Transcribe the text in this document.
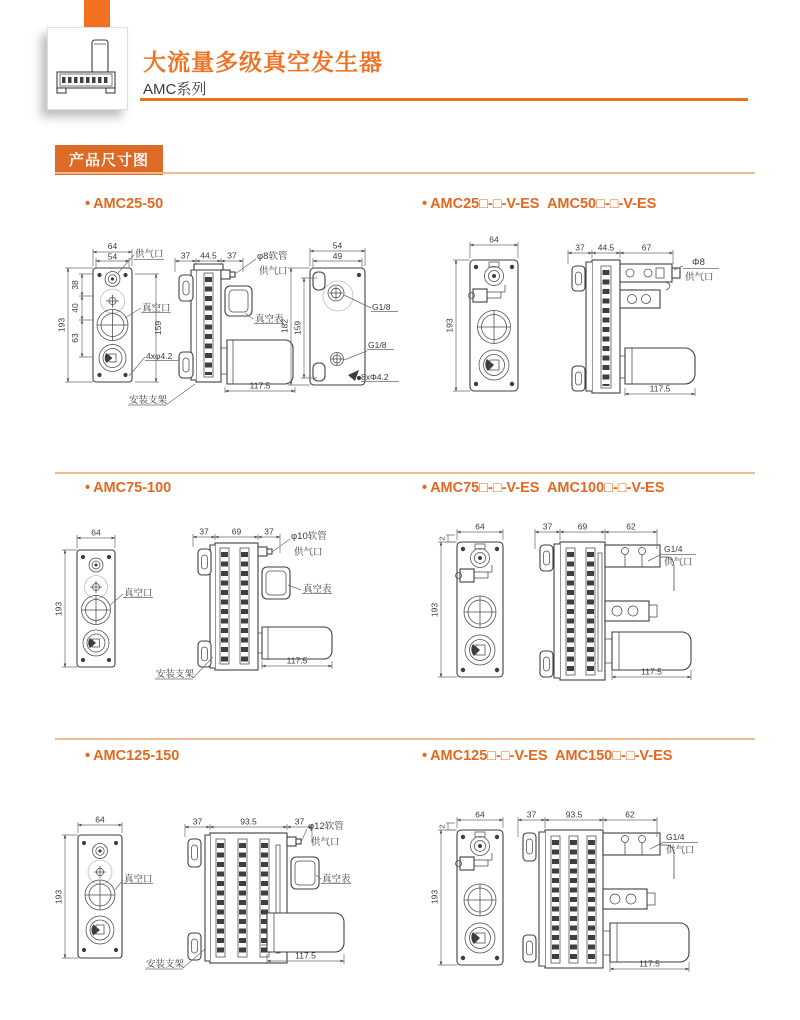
大流量多级真空发生器
AMC系列
产品尺寸图
• AMC25-50	• AMC25□-□-V-ES  AMC50□-□-V-ES
• AMC75-100	• AMC75□-□-V-ES  AMC100□-□-V-ES
• AMC125-150	• AMC125□-□-V-ES  AMC150□-□-V-ES
64
54
38
40
63
193	159
供气口
真空口
4xφ4.2
37 44.5 37 φ8软管
供气口
真空表
117.5
安装支架
54
49
182 159
G1/8
G1/8
8xΦ4.2
64
193
37 44.5	67
Φ8
供气口
117.5
64
193
真空口
37	69	37 φ10软管
供气口
真空表
117.5
安装支架
64
2
193
37	69	62
G1/4
供气口
117.5
64
193
真空口
37	93.5	37 φ12软管
供气口
真空表
117.5
安装支架
64
2
193
37	93.5	62
G1/4
供气口
117.5
